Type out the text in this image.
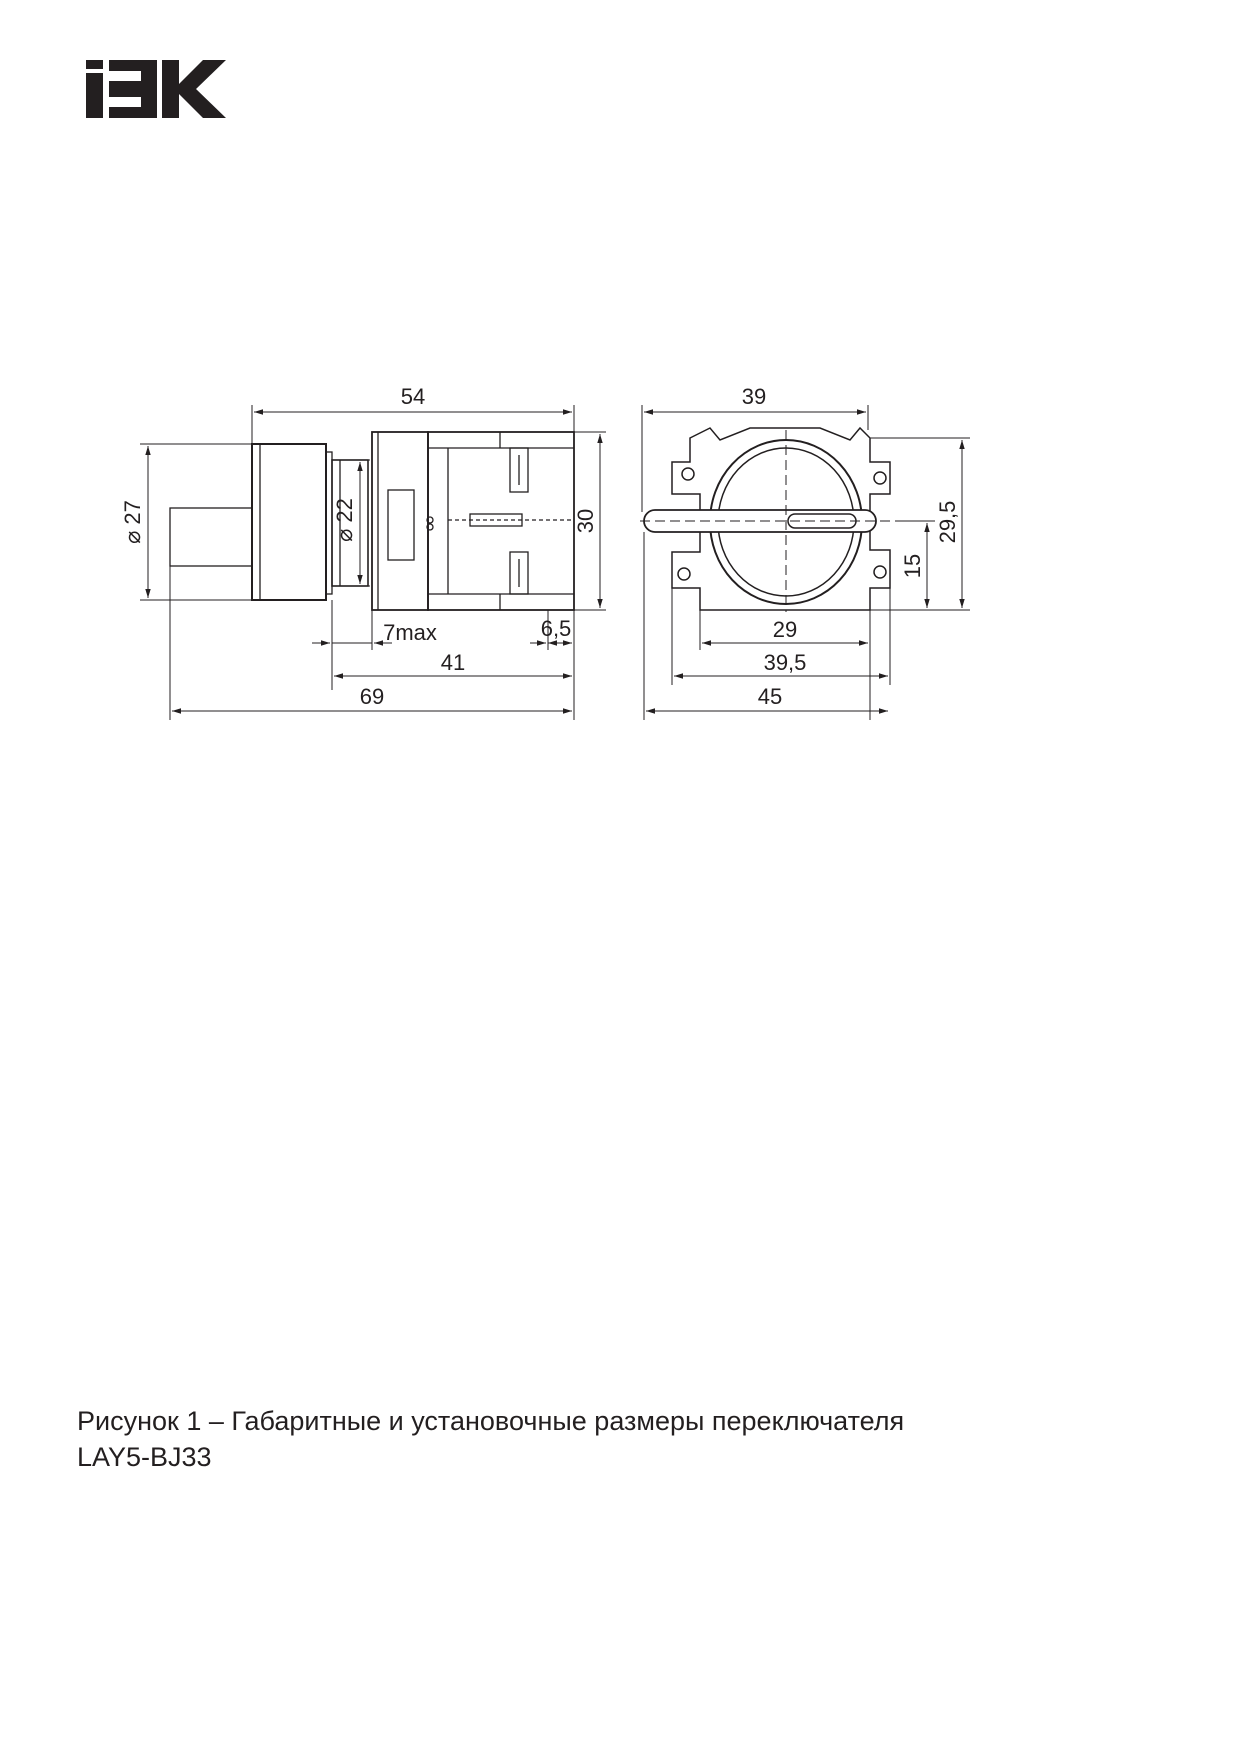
54
⌀ 27	⌀ 22	30
7max	6,5
41
69
39
29,5
15
29
39,5
45
Рисунок 1 – Габаритные и установочные размеры переключателя
LAY5-BJ33
